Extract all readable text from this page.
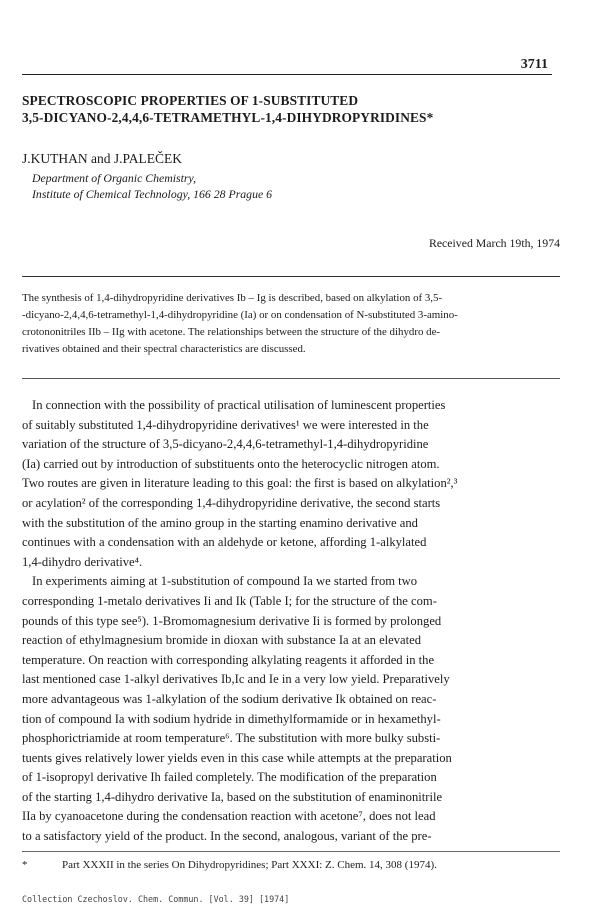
3711
SPECTROSCOPIC PROPERTIES OF 1-SUBSTITUTED
3,5-DICYANO-2,4,4,6-TETRAMETHYL-1,4-DIHYDROPYRIDINES*
J.KUTHAN and J.PALEČEK
Department of Organic Chemistry,
Institute of Chemical Technology, 166 28 Prague 6
Received March 19th, 1974
The synthesis of 1,4-dihydropyridine derivatives Ib – Ig is described, based on alkylation of 3,5-
-dicyano-2,4,4,6-tetramethyl-1,4-dihydropyridine (Ia) or on condensation of N-substituted 3-amino-
crotononitriles IIb – IIg with acetone. The relationships between the structure of the dihydro de-
rivatives obtained and their spectral characteristics are discussed.
In connection with the possibility of practical utilisation of luminescent properties
of suitably substituted 1,4-dihydropyridine derivatives¹ we were interested in the
variation of the structure of 3,5-dicyano-2,4,4,6-tetramethyl-1,4-dihydropyridine
(Ia) carried out by introduction of substituents onto the heterocyclic nitrogen atom.
Two routes are given in literature leading to this goal: the first is based on alkylation²,³
or acylation² of the corresponding 1,4-dihydropyridine derivative, the second starts
with the substitution of the amino group in the starting enamino derivative and
continues with a condensation with an aldehyde or ketone, affording 1-alkylated
1,4-dihydro derivative⁴.
In experiments aiming at 1-substitution of compound Ia we started from two
corresponding 1-metalo derivatives Ii and Ik (Table I; for the structure of the com-
pounds of this type see⁵). 1-Bromomagnesium derivative Ii is formed by prolonged
reaction of ethylmagnesium bromide in dioxan with substance Ia at an elevated
temperature. On reaction with corresponding alkylating reagents it afforded in the
last mentioned case 1-alkyl derivatives Ib,Ic and Ie in a very low yield. Preparatively
more advantageous was 1-alkylation of the sodium derivative Ik obtained on reac-
tion of compound Ia with sodium hydride in dimethylformamide or in hexamethyl-
phosphorictriamide at room temperature⁶. The substitution with more bulky substi-
tuents gives relatively lower yields even in this case while attempts at the preparation
of 1-isopropyl derivative Ih failed completely. The modification of the preparation
of the starting 1,4-dihydro derivative Ia, based on the substitution of enaminonitrile
IIa by cyanoacetone during the condensation reaction with acetone⁷, does not lead
to a satisfactory yield of the product. In the second, analogous, variant of the pre-
*	Part XXXII in the series On Dihydropyridines; Part XXXI: Z. Chem. 14, 308 (1974).
Collection Czechoslov. Chem. Commun. [Vol. 39] [1974]
